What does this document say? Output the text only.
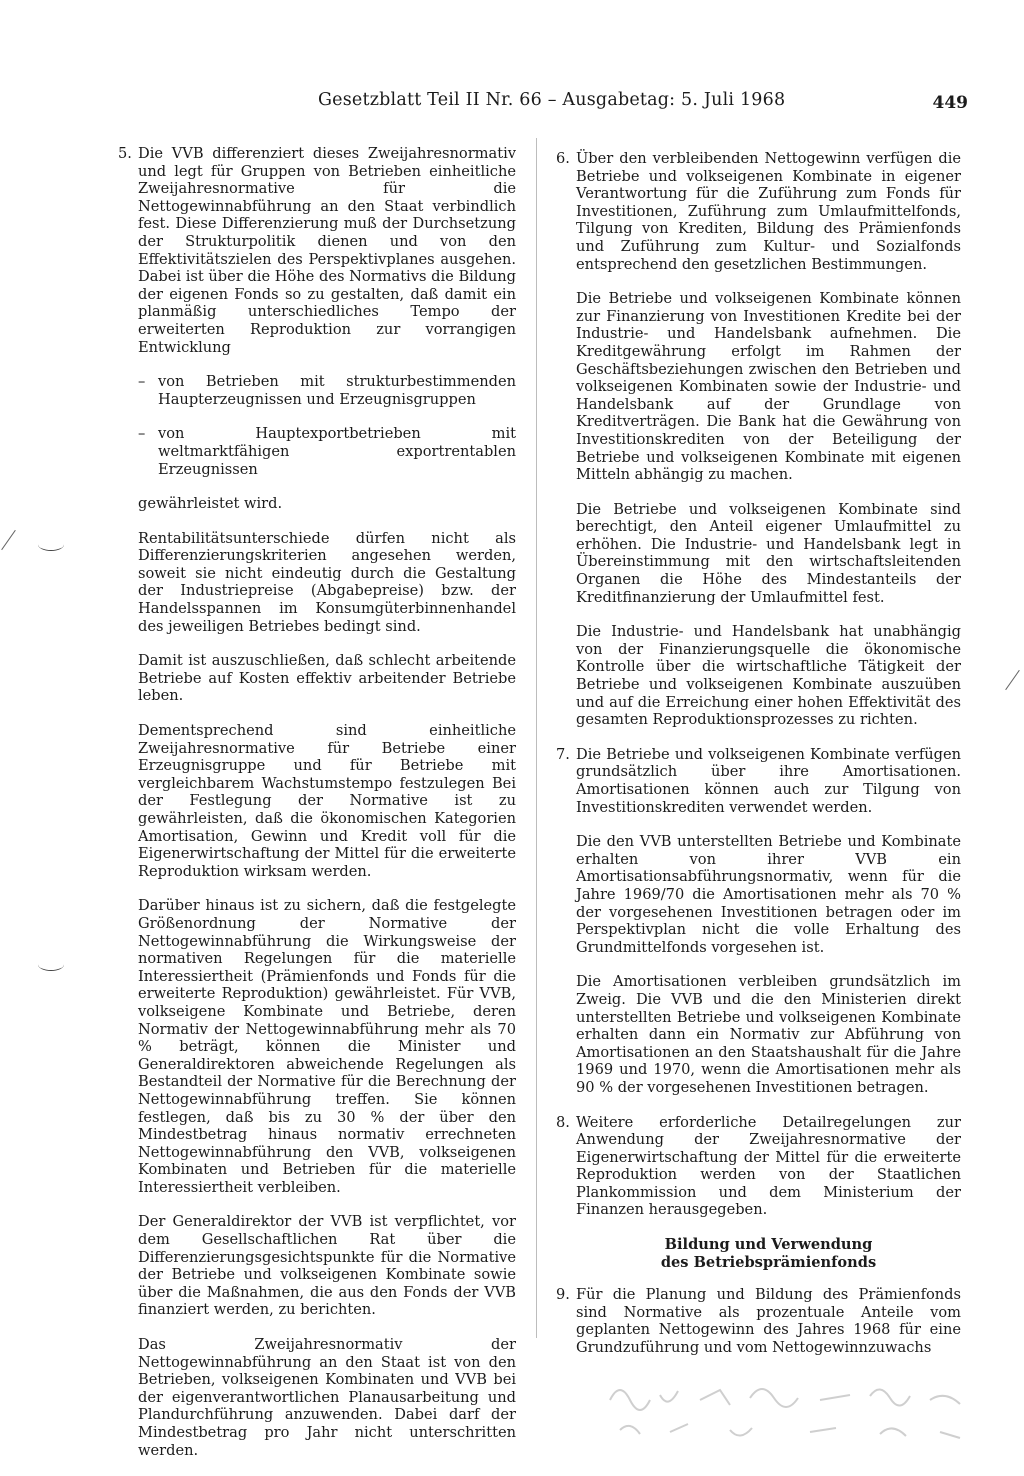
Gesetzblatt Teil II Nr. 66 – Ausgabetag: 5. Juli 1968	449
5. Die VVB differenziert dieses Zweijahresnormativ und legt für Gruppen von Betrieben einheitliche Zweijahresnormative für die Nettogewinnabführung an den Staat verbindlich fest. Diese Differenzierung muß der Durchsetzung der Strukturpolitik dienen und von den Effektivitätszielen des Perspektivplanes ausgehen. Dabei ist über die Höhe des Normativs die Bildung der eigenen Fonds so zu gestalten, daß damit ein planmäßig unterschiedliches Tempo der erweiterten Reproduktion zur vorrangigen Entwicklung
– von Betrieben mit strukturbestimmenden Haupterzeugnissen und Erzeugnisgruppen
– von Hauptexportbetrieben mit weltmarktfähigen exportrentablen Erzeugnissen

gewährleistet wird.

Rentabilitätsunterschiede dürfen nicht als Differenzierungskriterien angesehen werden, soweit sie nicht eindeutig durch die Gestaltung der Industriepreise (Abgabepreise) bzw. der Handelsspannen im Konsumgüterbinnenhandel des jeweiligen Betriebes bedingt sind.

Damit ist auszuschließen, daß schlecht arbeitende Betriebe auf Kosten effektiv arbeitender Betriebe leben.

Dementsprechend sind einheitliche Zweijahresnormative für Betriebe einer Erzeugnisgruppe und für Betriebe mit vergleichbarem Wachstumstempo festzulegen Bei der Festlegung der Normative ist zu gewährleisten, daß die ökonomischen Kategorien Amortisation, Gewinn und Kredit voll für die Eigenerwirtschaftung der Mittel für die erweiterte Reproduktion wirksam werden.

Darüber hinaus ist zu sichern, daß die festgelegte Größenordnung der Normative der Nettogewinnabführung die Wirkungsweise der normativen Regelungen für die materielle Interessiertheit (Prämienfonds und Fonds für die erweiterte Reproduktion) gewährleistet. Für VVB, volkseigene Kombinate und Betriebe, deren Normativ der Nettogewinnabführung mehr als 70 % beträgt, können die Minister und Generaldirektoren abweichende Regelungen als Bestandteil der Normative für die Berechnung der Nettogewinnabführung treffen. Sie können festlegen, daß bis zu 30 % der über den Mindestbetrag hinaus normativ errechneten Nettogewinnabführung den VVB, volkseigenen Kombinaten und Betrieben für die materielle Interessiertheit verbleiben.

Der Generaldirektor der VVB ist verpflichtet, vor dem Gesellschaftlichen Rat über die Differenzierungsgesichtspunkte für die Normative der Betriebe und volkseigenen Kombinate sowie über die Maßnahmen, die aus den Fonds der VVB finanziert werden, zu berichten.

Das Zweijahresnormativ der Nettogewinnabführung an den Staat ist von den Betrieben, volkseigenen Kombinaten und VVB bei der eigenverantwortlichen Planausarbeitung und Plandurchführung anzuwenden. Dabei darf der Mindestbetrag pro Jahr nicht unterschritten werden.

6. Über den verbleibenden Nettogewinn verfügen die Betriebe und volkseigenen Kombinate in eigener Verantwortung für die Zuführung zum Fonds für Investitionen, Zuführung zum Umlaufmittelfonds, Tilgung von Krediten, Bildung des Prämienfonds und Zuführung zum Kultur- und Sozialfonds entsprechend den gesetzlichen Bestimmungen.

Die Betriebe und volkseigenen Kombinate können zur Finanzierung von Investitionen Kredite bei der Industrie- und Handelsbank aufnehmen. Die Kreditgewährung erfolgt im Rahmen der Geschäftsbeziehungen zwischen den Betrieben und volkseigenen Kombinaten sowie der Industrie- und Handelsbank auf der Grundlage von Kreditverträgen. Die Bank hat die Gewährung von Investitionskrediten von der Beteiligung der Betriebe und volkseigenen Kombinate mit eigenen Mitteln abhängig zu machen.

Die Betriebe und volkseigenen Kombinate sind berechtigt, den Anteil eigener Umlaufmittel zu erhöhen. Die Industrie- und Handelsbank legt in Übereinstimmung mit den wirtschaftsleitenden Organen die Höhe des Mindestanteils der Kreditfinanzierung der Umlaufmittel fest.

Die Industrie- und Handelsbank hat unabhängig von der Finanzierungsquelle die ökonomische Kontrolle über die wirtschaftliche Tätigkeit der Betriebe und volkseigenen Kombinate auszuüben und auf die Erreichung einer hohen Effektivität des gesamten Reproduktionsprozesses zu richten.

7. Die Betriebe und volkseigenen Kombinate verfügen grundsätzlich über ihre Amortisationen. Amortisationen können auch zur Tilgung von Investitionskrediten verwendet werden.

Die den VVB unterstellten Betriebe und Kombinate erhalten von ihrer VVB ein Amortisationsabführungsnormativ, wenn für die Jahre 1969/70 die Amortisationen mehr als 70 % der vorgesehenen Investitionen betragen oder im Perspektivplan nicht die volle Erhaltung des Grundmittelfonds vorgesehen ist.

Die Amortisationen verbleiben grundsätzlich im Zweig. Die VVB und die den Ministerien direkt unterstellten Betriebe und volkseigenen Kombinate erhalten dann ein Normativ zur Abführung von Amortisationen an den Staatshaushalt für die Jahre 1969 und 1970, wenn die Amortisationen mehr als 90 % der vorgesehenen Investitionen betragen.

8. Weitere erforderliche Detailregelungen zur Anwendung der Zweijahresnormative der Eigenerwirtschaftung der Mittel für die erweiterte Reproduktion werden von der Staatlichen Plankommission und dem Ministerium der Finanzen herausgegeben.
Bildung und Verwendung
des Betriebsprämienfonds
9. Für die Planung und Bildung des Prämienfonds sind Normative als prozentuale Anteile vom geplanten Nettogewinn des Jahres 1968 für eine Grundzuführung und vom Nettogewinnzuwachs
